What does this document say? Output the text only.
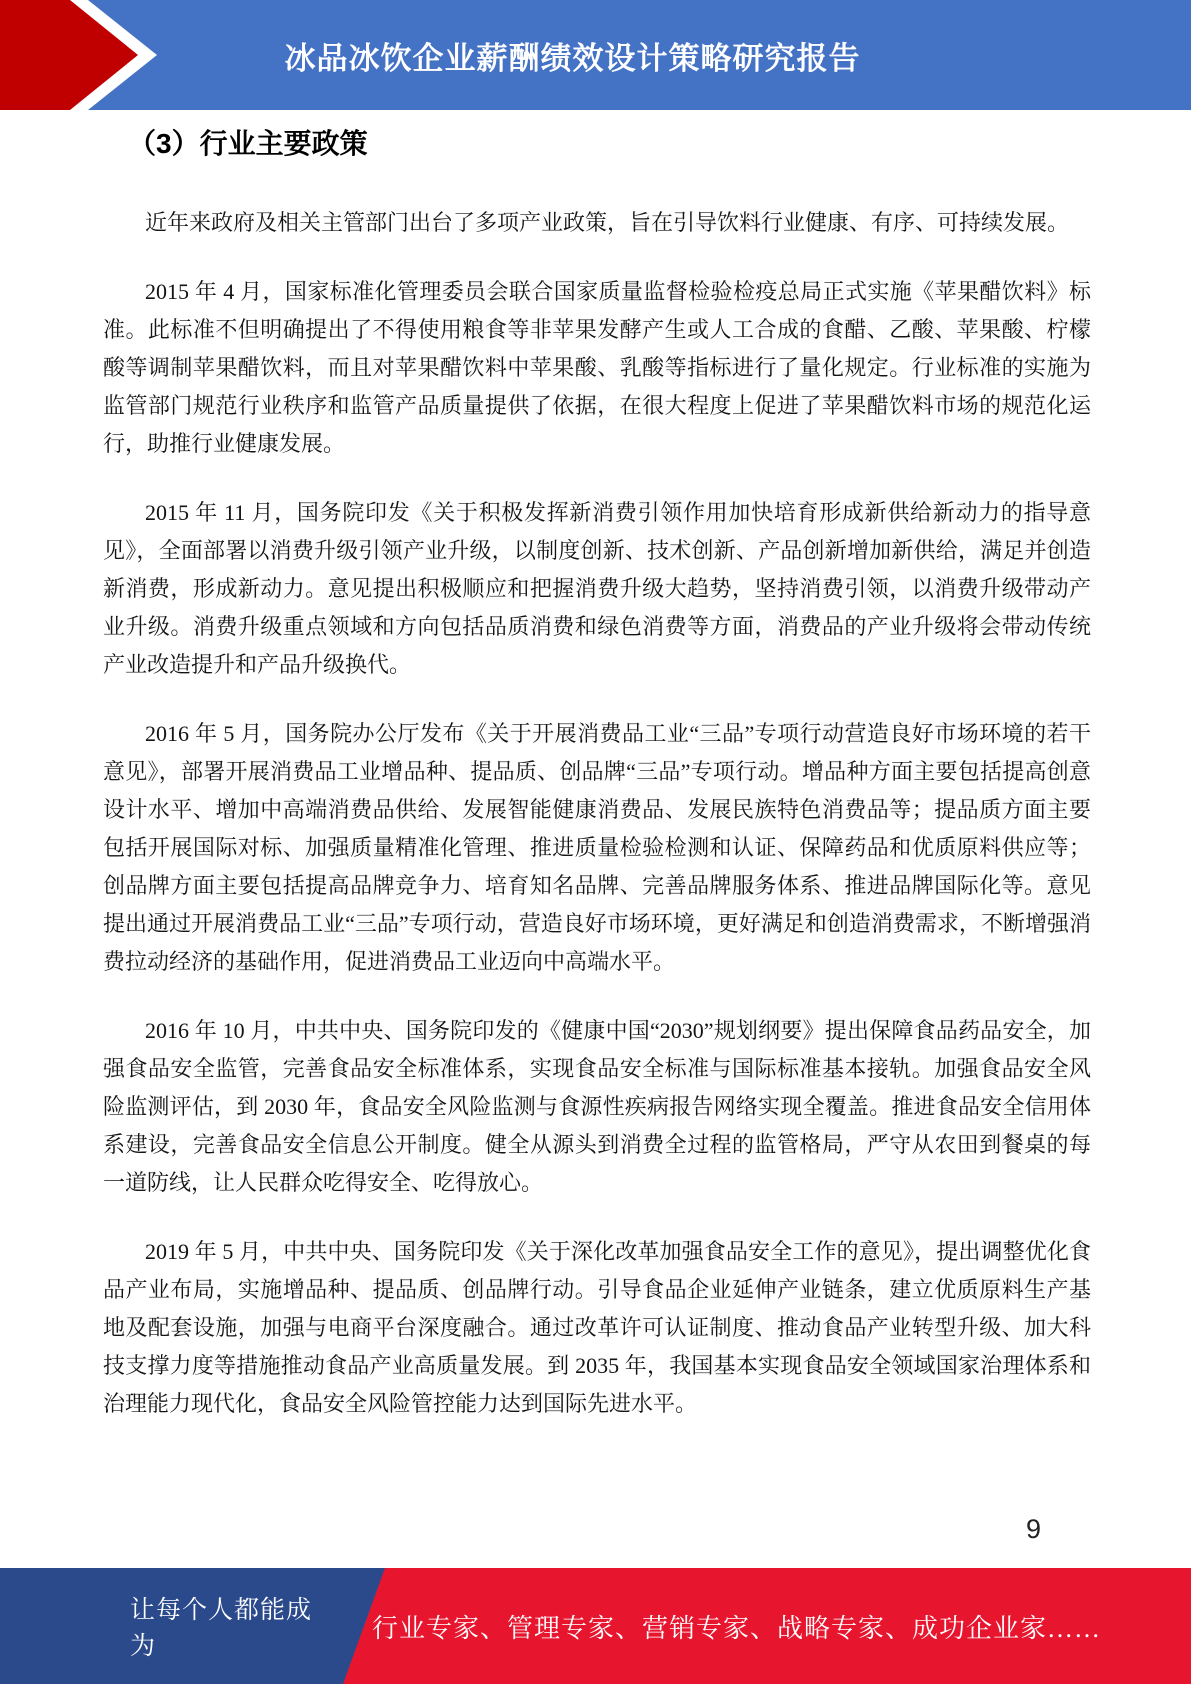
冰品冰饮企业薪酬绩效设计策略研究报告
（3）行业主要政策

近年来政府及相关主管部门出台了多项产业政策，旨在引导饮料行业健康、有序、可持续发展。

2015 年 4 月，国家标准化管理委员会联合国家质量监督检验检疫总局正式实施《苹果醋饮料》标准。此标准不但明确提出了不得使用粮食等非苹果发酵产生或人工合成的食醋、乙酸、苹果酸、柠檬酸等调制苹果醋饮料，而且对苹果醋饮料中苹果酸、乳酸等指标进行了量化规定。行业标准的实施为监管部门规范行业秩序和监管产品质量提供了依据，在很大程度上促进了苹果醋饮料市场的规范化运行，助推行业健康发展。

2015 年 11 月，国务院印发《关于积极发挥新消费引领作用加快培育形成新供给新动力的指导意见》，全面部署以消费升级引领产业升级，以制度创新、技术创新、产品创新增加新供给，满足并创造新消费，形成新动力。意见提出积极顺应和把握消费升级大趋势，坚持消费引领，以消费升级带动产业升级。消费升级重点领域和方向包括品质消费和绿色消费等方面，消费品的产业升级将会带动传统产业改造提升和产品升级换代。

2016 年 5 月，国务院办公厅发布《关于开展消费品工业“三品”专项行动营造良好市场环境的若干意见》，部署开展消费品工业增品种、提品质、创品牌“三品”专项行动。增品种方面主要包括提高创意设计水平、增加中高端消费品供给、发展智能健康消费品、发展民族特色消费品等；提品质方面主要包括开展国际对标、加强质量精准化管理、推进质量检验检测和认证、保障药品和优质原料供应等；创品牌方面主要包括提高品牌竞争力、培育知名品牌、完善品牌服务体系、推进品牌国际化等。意见提出通过开展消费品工业“三品”专项行动，营造良好市场环境，更好满足和创造消费需求，不断增强消费拉动经济的基础作用，促进消费品工业迈向中高端水平。

2016 年 10 月，中共中央、国务院印发的《健康中国“2030”规划纲要》提出保障食品药品安全，加强食品安全监管，完善食品安全标准体系，实现食品安全标准与国际标准基本接轨。加强食品安全风险监测评估，到 2030 年，食品安全风险监测与食源性疾病报告网络实现全覆盖。推进食品安全信用体系建设，完善食品安全信息公开制度。健全从源头到消费全过程的监管格局，严守从农田到餐桌的每一道防线，让人民群众吃得安全、吃得放心。

2019 年 5 月，中共中央、国务院印发《关于深化改革加强食品安全工作的意见》，提出调整优化食品产业布局，实施增品种、提品质、创品牌行动。引导食品企业延伸产业链条，建立优质原料生产基地及配套设施，加强与电商平台深度融合。通过改革许可认证制度、推动食品产业转型升级、加大科技支撑力度等措施推动食品产业高质量发展。到 2035 年，我国基本实现食品安全领域国家治理体系和治理能力现代化，食品安全风险管控能力达到国际先进水平。

9
让每个人都能成为
行业专家、管理专家、营销专家、战略专家、成功企业家……
